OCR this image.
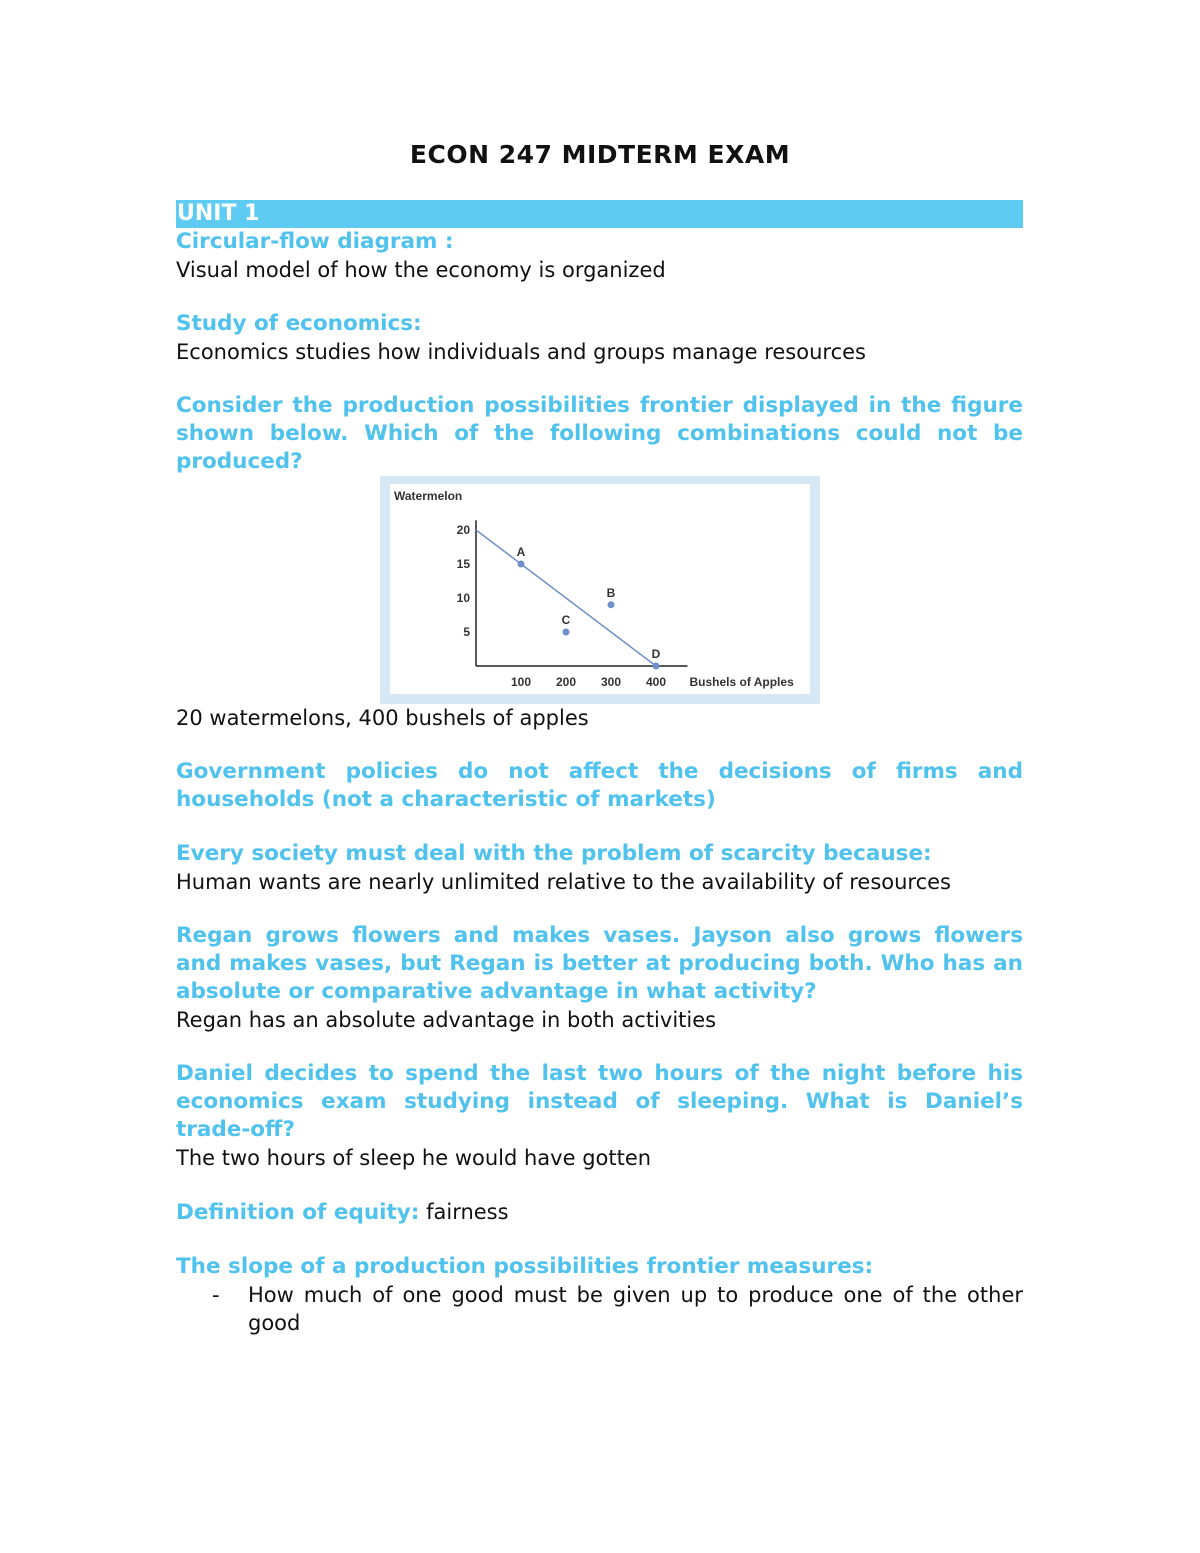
ECON 247 MIDTERM EXAM
UNIT 1
Circular-flow diagram :
Visual model of how the economy is organized
Study of economics:
Economics studies how individuals and groups manage resources
Consider the production possibilities frontier displayed in the figure shown below. Which of the following combinations could not be produced?
Watermelon
Bushels of Apples
100 200 300 400
5
10
15
20
A
B
C
D
20 watermelons, 400 bushels of apples
Government policies do not affect the decisions of firms and households (not a characteristic of markets)
Every society must deal with the problem of scarcity because:
Human wants are nearly unlimited relative to the availability of resources
Regan grows flowers and makes vases. Jayson also grows flowers and makes vases, but Regan is better at producing both. Who has an absolute or comparative advantage in what activity?
Regan has an absolute advantage in both activities
Daniel decides to spend the last two hours of the night before his economics exam studying instead of sleeping. What is Daniel’s trade-off?
The two hours of sleep he would have gotten
Definition of equity: fairness
The slope of a production possibilities frontier measures:
-	How much of one good must be given up to produce one of the other good
